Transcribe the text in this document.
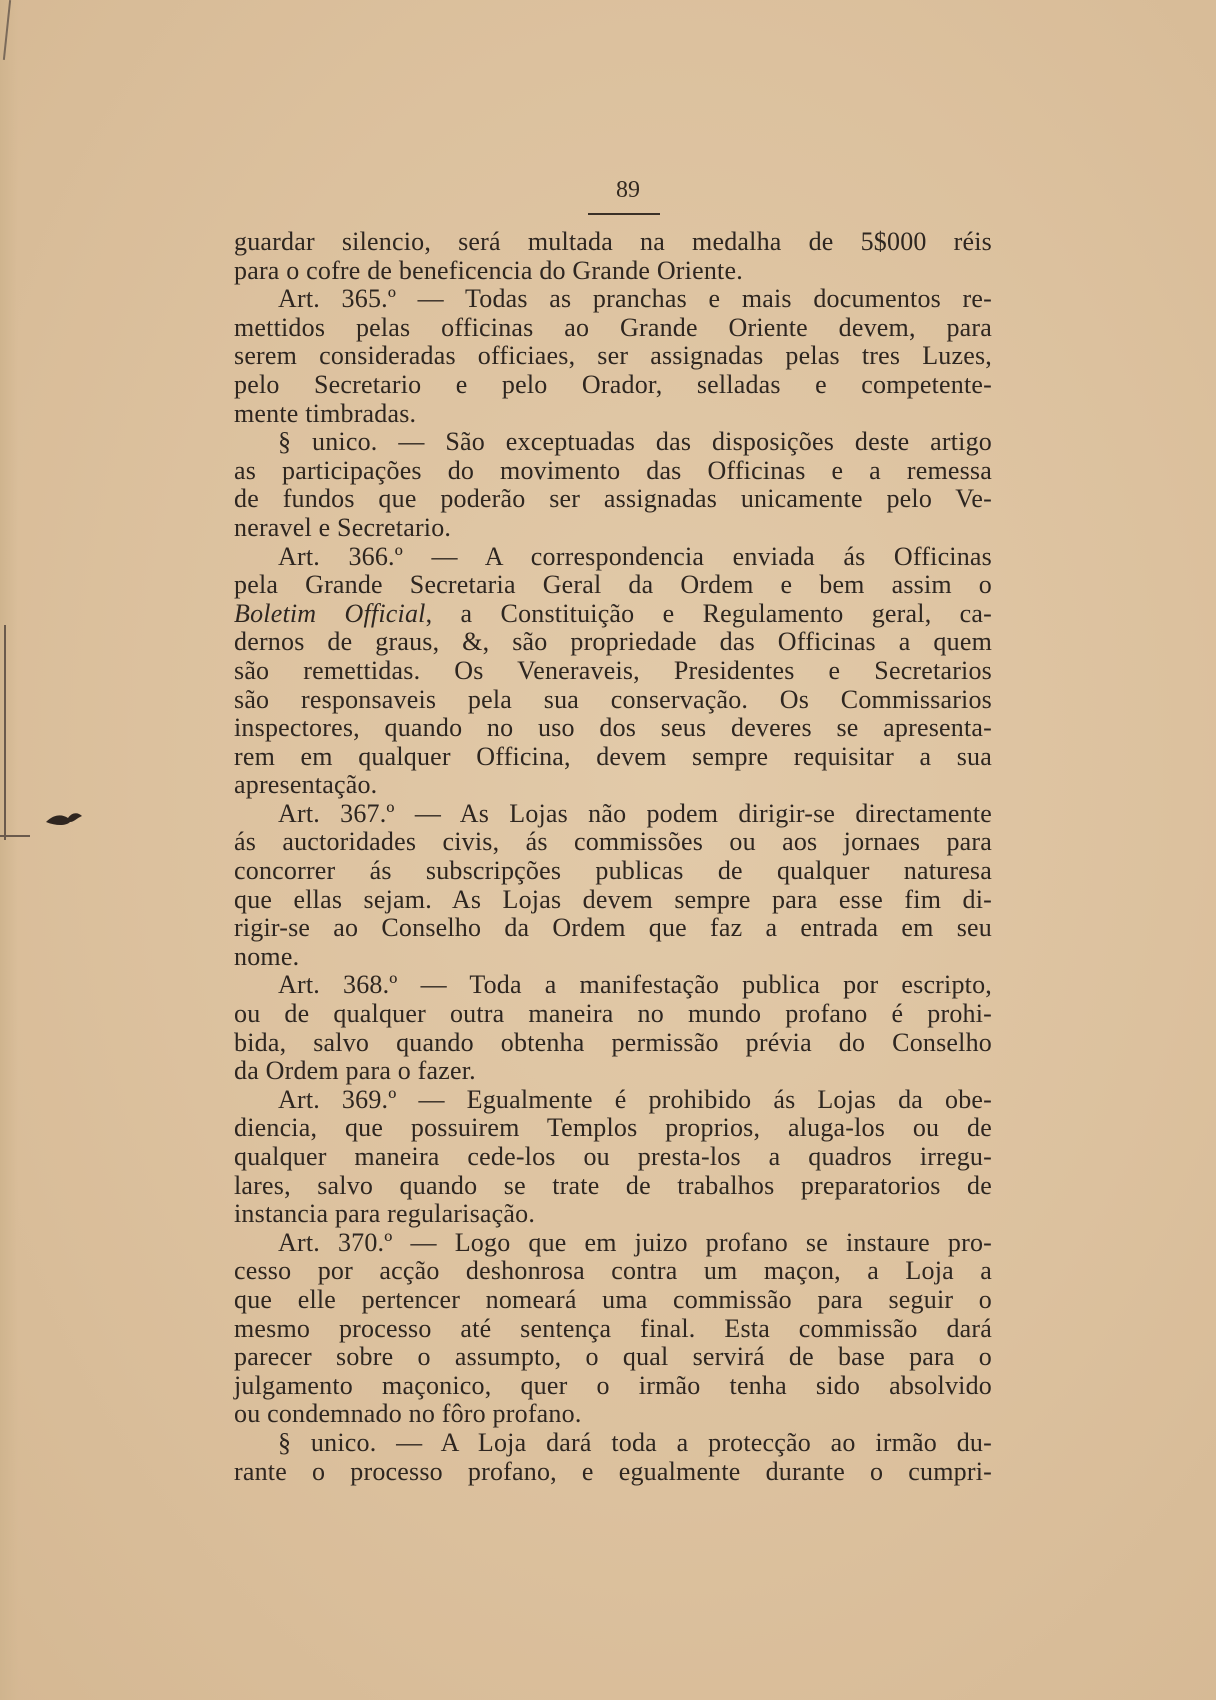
89
guardar silencio, será multada na medalha de 5$000 réis
para o cofre de beneficencia do Grande Oriente.
Art. 365.º — Todas as pranchas e mais documentos re-
mettidos pelas officinas ao Grande Oriente devem, para
serem consideradas officiaes, ser assignadas pelas tres Luzes,
pelo Secretario e pelo Orador, selladas e competente-
mente timbradas.
§ unico. — São exceptuadas das disposições deste artigo
as participações do movimento das Officinas e a remessa
de fundos que poderão ser assignadas unicamente pelo Ve-
neravel e Secretario.
Art. 366.º — A correspondencia enviada ás Officinas
pela Grande Secretaria Geral da Ordem e bem assim o
Boletim Official, a Constituição e Regulamento geral, ca-
dernos de graus, &, são propriedade das Officinas a quem
são remettidas. Os Veneraveis, Presidentes e Secretarios
são responsaveis pela sua conservação. Os Commissarios
inspectores, quando no uso dos seus deveres se apresenta-
rem em qualquer Officina, devem sempre requisitar a sua
apresentação.
Art. 367.º — As Lojas não podem dirigir-se directamente
ás auctoridades civis, ás commissões ou aos jornaes para
concorrer ás subscripções publicas de qualquer naturesa
que ellas sejam. As Lojas devem sempre para esse fim di-
rigir-se ao Conselho da Ordem que faz a entrada em seu
nome.
Art. 368.º — Toda a manifestação publica por escripto,
ou de qualquer outra maneira no mundo profano é prohi-
bida, salvo quando obtenha permissão prévia do Conselho
da Ordem para o fazer.
Art. 369.º — Egualmente é prohibido ás Lojas da obe-
diencia, que possuirem Templos proprios, aluga-los ou de
qualquer maneira cede-los ou presta-los a quadros irregu-
lares, salvo quando se trate de trabalhos preparatorios de
instancia para regularisação.
Art. 370.º — Logo que em juizo profano se instaure pro-
cesso por acção deshonrosa contra um maçon, a Loja a
que elle pertencer nomeará uma commissão para seguir o
mesmo processo até sentença final. Esta commissão dará
parecer sobre o assumpto, o qual servirá de base para o
julgamento maçonico, quer o irmão tenha sido absolvido
ou condemnado no fôro profano.
§ unico. — A Loja dará toda a protecção ao irmão du-
rante o processo profano, e egualmente durante o cumpri-
